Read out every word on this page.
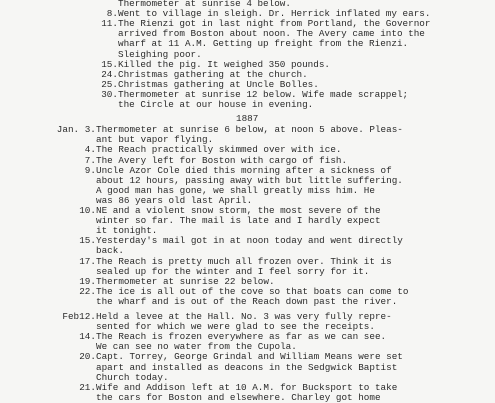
Thermometer at sunrise 4 below.
8. Went to village in sleigh. Dr. Herrick inflated my ears.
11. The Rienzi got in last night from Portland, the Governor
arrived from Boston about noon. The Avery came into the
wharf at 11 A.M. Getting up freight from the Rienzi.
Sleighing poor.
15. Killed the pig. It weighed 350 pounds.
24. Christmas gathering at the church.
25. Christmas gathering at Uncle Bolles.
30. Thermometer at sunrise 12 below. Wife made scrappel;
the Circle at our house in evening.
1887
Jan. 3. Thermometer at sunrise 6 below, at noon 5 above. Pleas-
ant but vapor flying.
4. The Reach practically skimmed over with ice.
7. The Avery left for Boston with cargo of fish.
9. Uncle Azor Cole died this morning after a sickness of
about 12 hours, passing away with but little suffering.
A good man has gone, we shall greatly miss him. He
was 86 years old last April.
10. NE and a violent snow storm, the most severe of the
winter so far. The mail is late and I hardly expect
it tonight.
15. Yesterday's mail got in at noon today and went directly
back.
17. The Reach is pretty much all frozen over. Think it is
sealed up for the winter and I feel sorry for it.
19. Thermometer at sunrise 22 below.
22. The ice is all out of the cove so that boats can come to
the wharf and is out of the Reach down past the river.
Feb12. Held a levee at the Hall. No. 3 was very fully repre-
sented for which we were glad to see the receipts.
14. The Reach is frozen everywhere as far as we can see.
We can see no water from the Cupola.
20. Capt. Torrey, George Grindal and William Means were set
apart and installed as deacons in the Sedgwick Baptist
Church today.
21. Wife and Addison left at 10 A.M. for Bucksport to take
the cars for Boston and elsewhere. Charley got home
